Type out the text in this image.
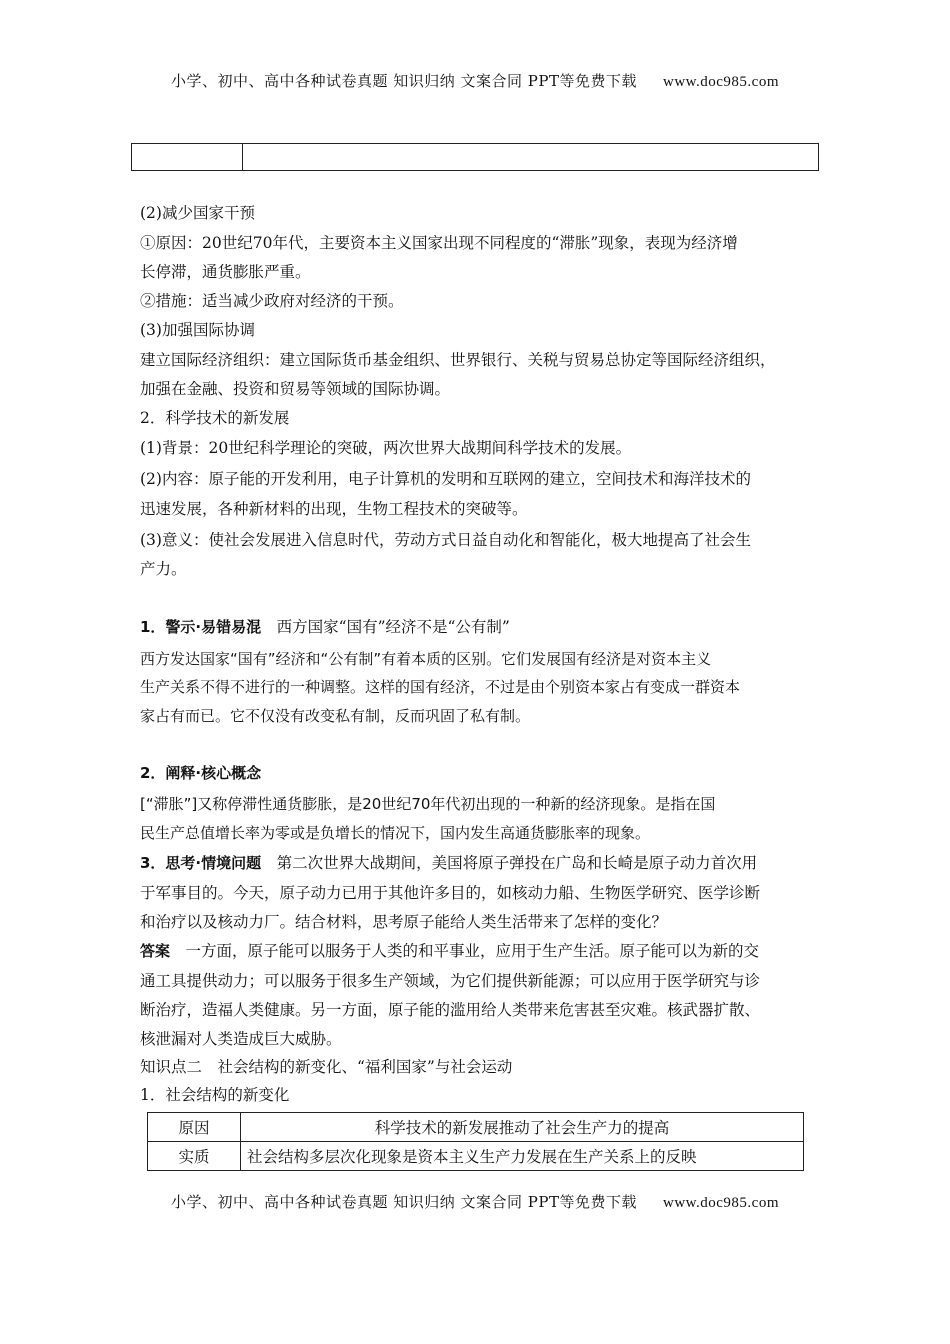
小学、初中、高中各种试卷真题 知识归纳 文案合同 PPT等免费下载 www.doc985.com
(2)减少国家干预
①原因：20世纪70年代，主要资本主义国家出现不同程度的“滞胀”现象，表现为经济增
长停滞，通货膨胀严重。
②措施：适当减少政府对经济的干预。
(3)加强国际协调
建立国际经济组织：建立国际货币基金组织、世界银行、关税与贸易总协定等国际经济组织，
加强在金融、投资和贸易等领域的国际协调。
2．科学技术的新发展
(1)背景：20世纪科学理论的突破，两次世界大战期间科学技术的发展。
(2)内容：原子能的开发利用，电子计算机的发明和互联网的建立，空间技术和海洋技术的
迅速发展，各种新材料的出现，生物工程技术的突破等。
(3)意义：使社会发展进入信息时代，劳动方式日益自动化和智能化，极大地提高了社会生
产力。
1．警示·易错易混　 西方国家“国有”经济不是“公有制”
西方发达国家“国有”经济和“公有制”有着本质的区别。它们发展国有经济是对资本主义
生产关系不得不进行的一种调整。这样的国有经济，不过是由个别资本家占有变成一群资本
家占有而已。它不仅没有改变私有制，反而巩固了私有制。
2．阐释·核心概念
[“滞胀”]又称停滞性通货膨胀，是20世纪70年代初出现的一种新的经济现象。是指在国
民生产总值增长率为零或是负增长的情况下，国内发生高通货膨胀率的现象。
3．思考·情境问题　 第二次世界大战期间，美国将原子弹投在广岛和长崎是原子动力首次用
于军事目的。今天，原子动力已用于其他许多目的，如核动力船、生物医学研究、医学诊断
和治疗以及核动力厂。结合材料，思考原子能给人类生活带来了怎样的变化？
答案　 一方面，原子能可以服务于人类的和平事业，应用于生产生活。原子能可以为新的交
通工具提供动力；可以服务于很多生产领域，为它们提供新能源；可以应用于医学研究与诊
断治疗，造福人类健康。另一方面，原子能的滥用给人类带来危害甚至灾难。核武器扩散、
核泄漏对人类造成巨大威胁。
知识点二　社会结构的新变化、“福利国家”与社会运动
1．社会结构的新变化
原因	科学技术的新发展推动了社会生产力的提高
实质	社会结构多层次化现象是资本主义生产力发展在生产关系上的反映
小学、初中、高中各种试卷真题 知识归纳 文案合同 PPT等免费下载 www.doc985.com
